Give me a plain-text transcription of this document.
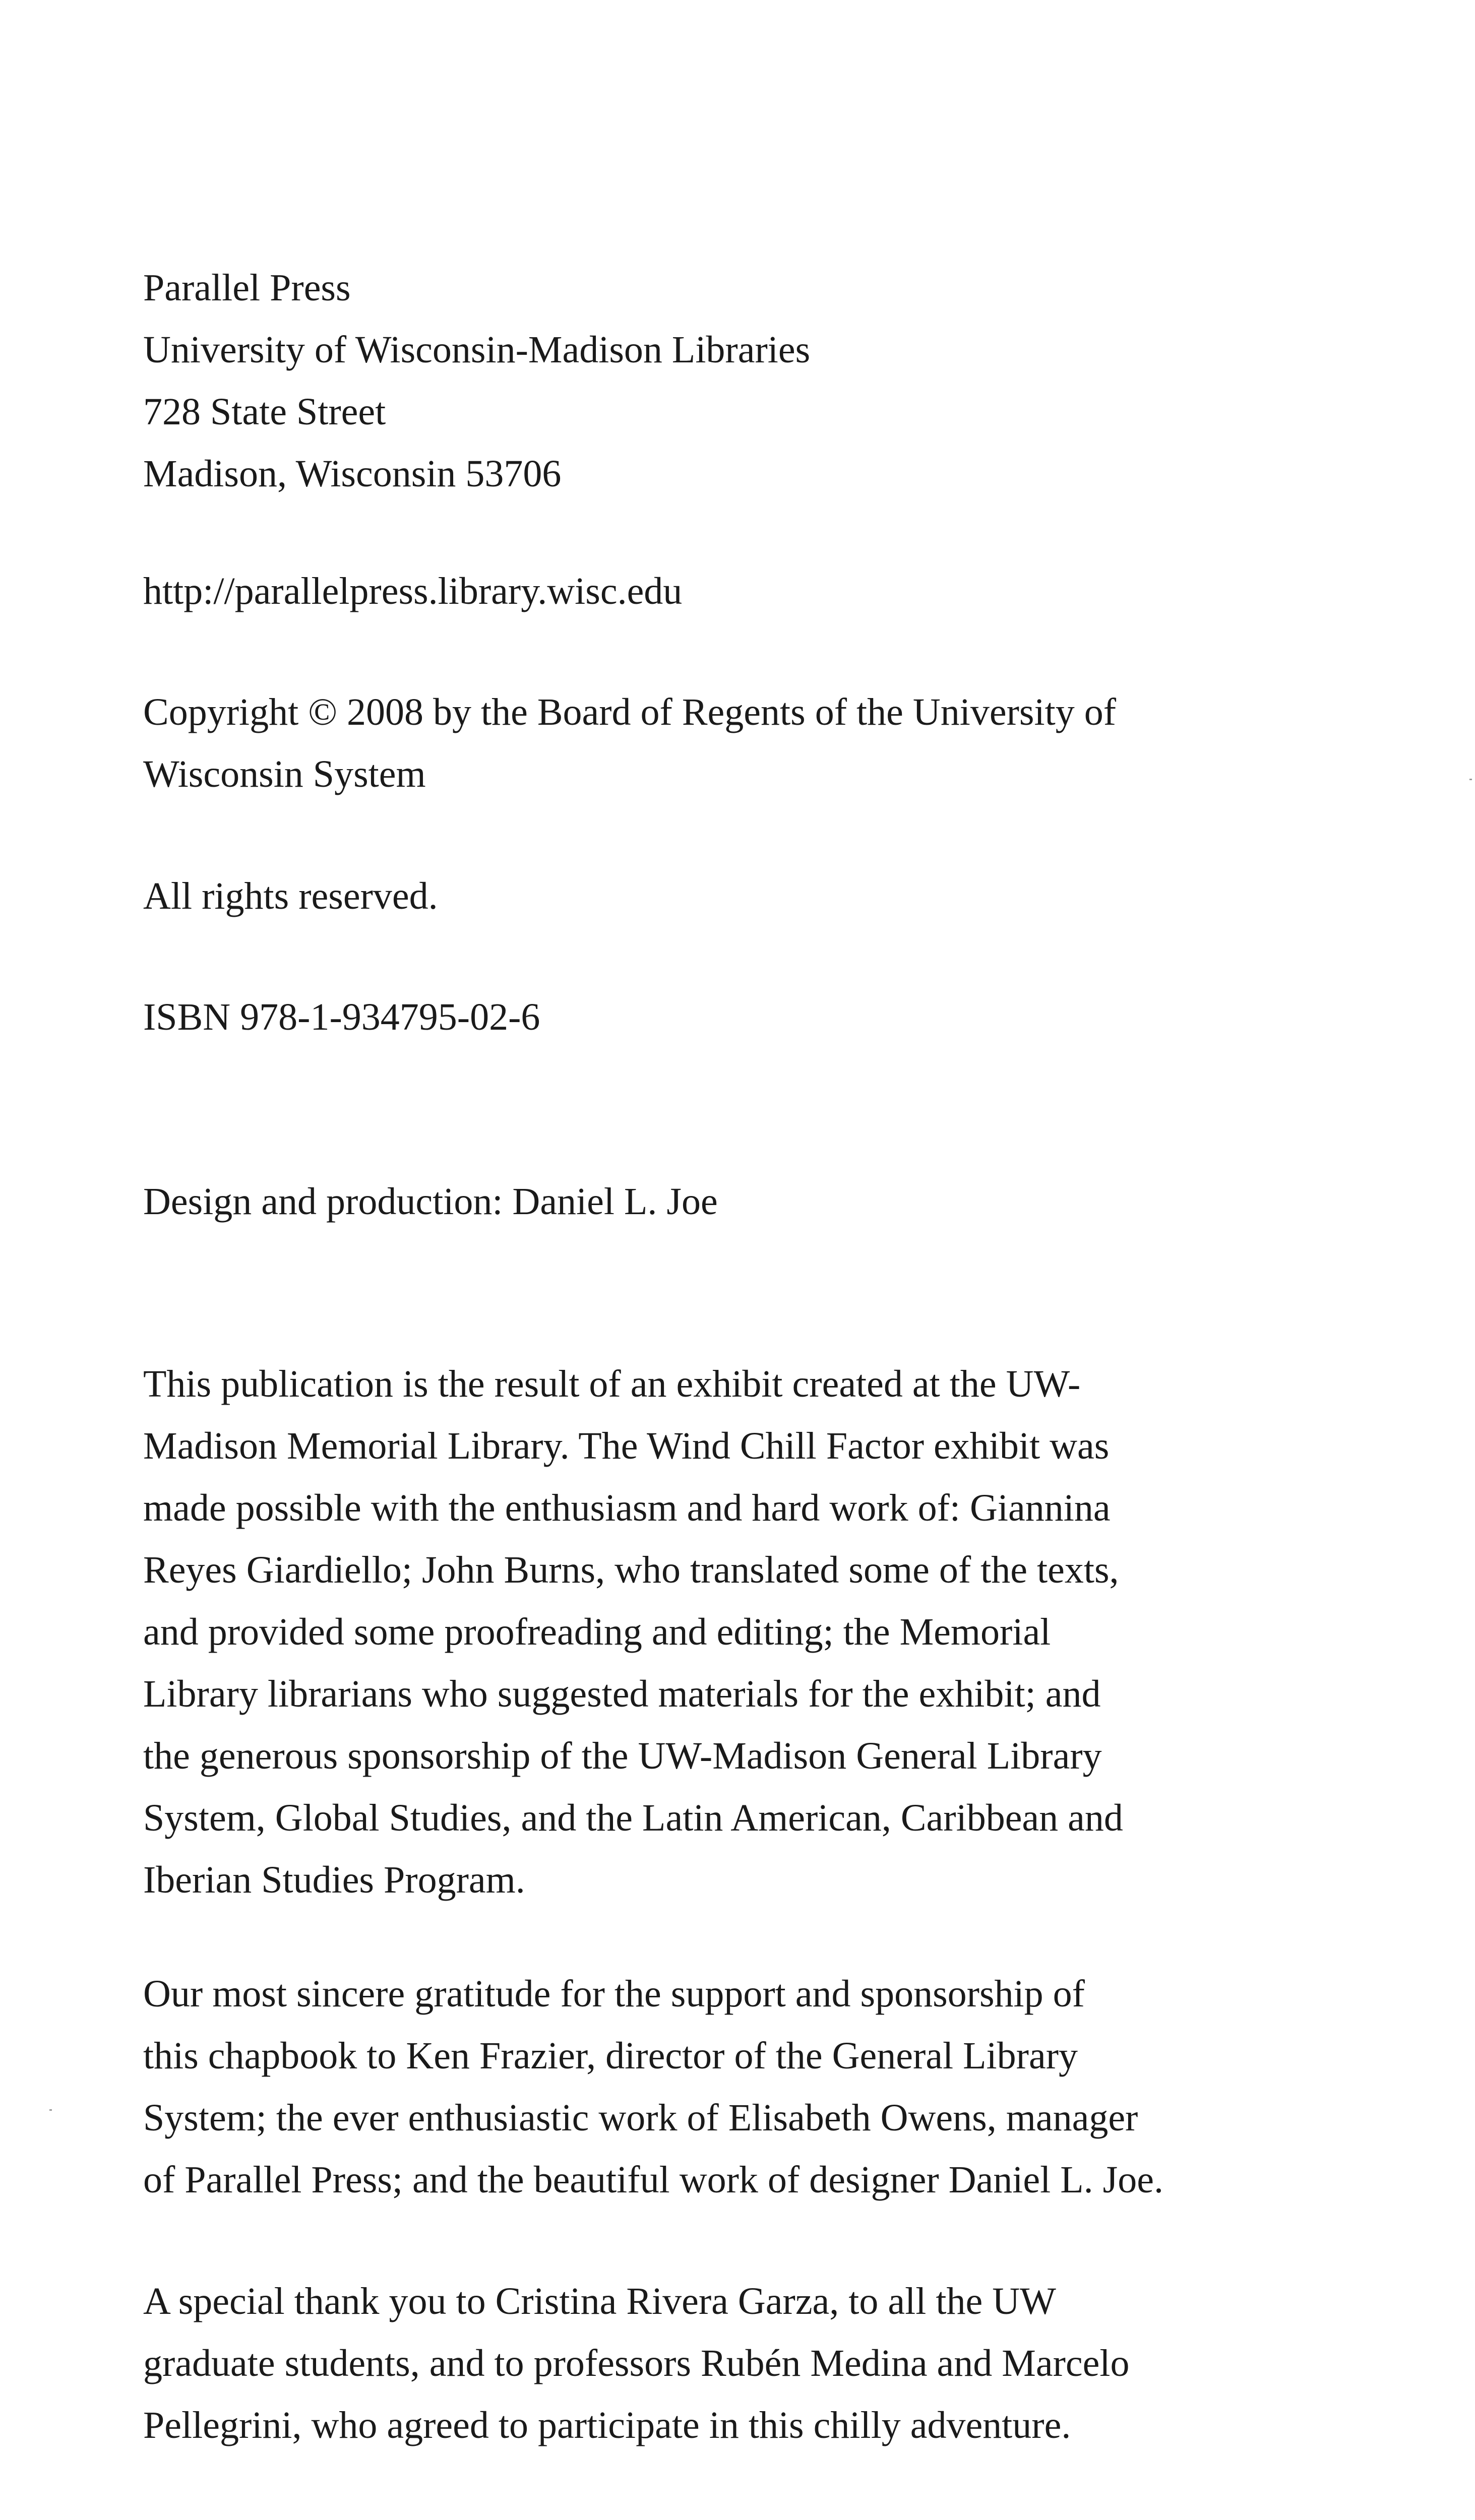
Parallel Press
University of Wisconsin-Madison Libraries
728 State Street
Madison, Wisconsin 53706
http://parallelpress.library.wisc.edu
Copyright © 2008 by the Board of Regents of the University of
Wisconsin System
All rights reserved.
ISBN 978-1-934795-02-6
Design and production: Daniel L. Joe
This publication is the result of an exhibit created at the UW-
Madison Memorial Library. The Wind Chill Factor exhibit was
made possible with the enthusiasm and hard work of: Giannina
Reyes Giardiello; John Burns, who translated some of the texts,
and provided some proofreading and editing; the Memorial
Library librarians who suggested materials for the exhibit; and
the generous sponsorship of the UW-Madison General Library
System, Global Studies, and the Latin American, Caribbean and
Iberian Studies Program.
Our most sincere gratitude for the support and sponsorship of
this chapbook to Ken Frazier, director of the General Library
System; the ever enthusiastic work of Elisabeth Owens, manager
of Parallel Press; and the beautiful work of designer Daniel L. Joe.
A special thank you to Cristina Rivera Garza, to all the UW
graduate students, and to professors Rubén Medina and Marcelo
Pellegrini, who agreed to participate in this chilly adventure.
